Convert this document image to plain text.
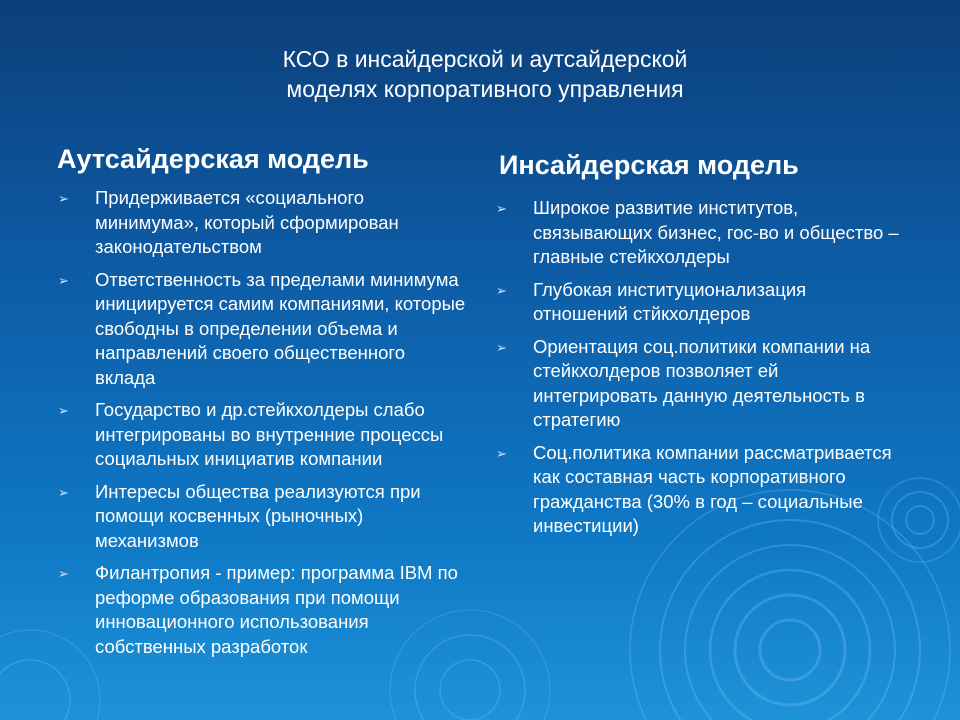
КСО в инсайдерской и аутсайдерской
моделях корпоративного управления
Аутсайдерская модель	Инсайдерская модель
➢ Придерживается «социального минимума», который сформирован законодательством
➢ Ответственность за пределами минимума инициируется самим компаниями, которые свободны в определении объема и направлений своего общественного вклада
➢ Государство и др.стейкхолдеры слабо интегрированы во внутренние процессы социальных инициатив компании
➢ Интересы общества реализуются при помощи косвенных (рыночных) механизмов
➢ Филантропия - пример: программа IBM по реформе образования при помощи инновационного использования собственных разработок
➢ Широкое развитие институтов, связывающих бизнес, гос-во и общество – главные стейкхолдеры
➢ Глубокая институционализация отношений стйкхолдеров
➢ Ориентация соц.политики компании на стейкхолдеров позволяет ей интегрировать данную деятельность в стратегию
➢ Соц.политика компании рассматривается как составная часть корпоративного гражданства (30% в год – социальные инвестиции)
